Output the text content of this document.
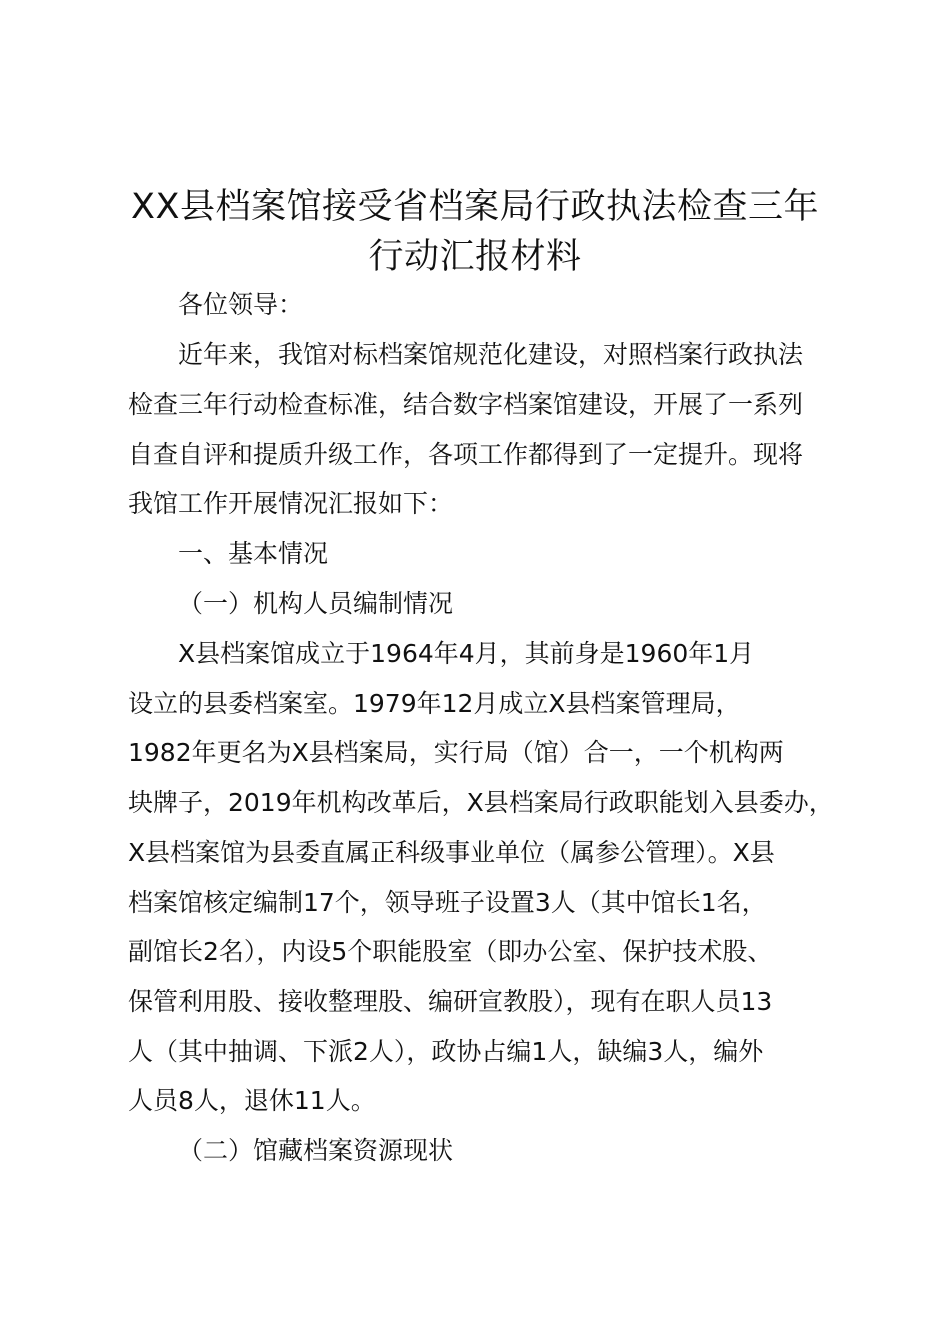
XX县档案馆接受省档案局行政执法检查三年
行动汇报材料

各位领导：

近年来，我馆对标档案馆规范化建设，对照档案行政执法

检查三年行动检查标准，结合数字档案馆建设，开展了一系列

自查自评和提质升级工作，各项工作都得到了一定提升。现将

我馆工作开展情况汇报如下：

一、基本情况

（一）机构人员编制情况

X县档案馆成立于1964年4月，其前身是1960年1月

设立的县委档案室。1979年12月成立X县档案管理局，

1982年更名为X县档案局，实行局（馆）合一，一个机构两

块牌子，2019年机构改革后，X县档案局行政职能划入县委办，

X县档案馆为县委直属正科级事业单位（属参公管理）。X县

档案馆核定编制17个，领导班子设置3人（其中馆长1名，

副馆长2名），内设5个职能股室（即办公室、保护技术股、

保管利用股、接收整理股、编研宣教股），现有在职人员13

人（其中抽调、下派2人），政协占编1人，缺编3人，编外

人员8人，退休11人。

（二）馆藏档案资源现状
